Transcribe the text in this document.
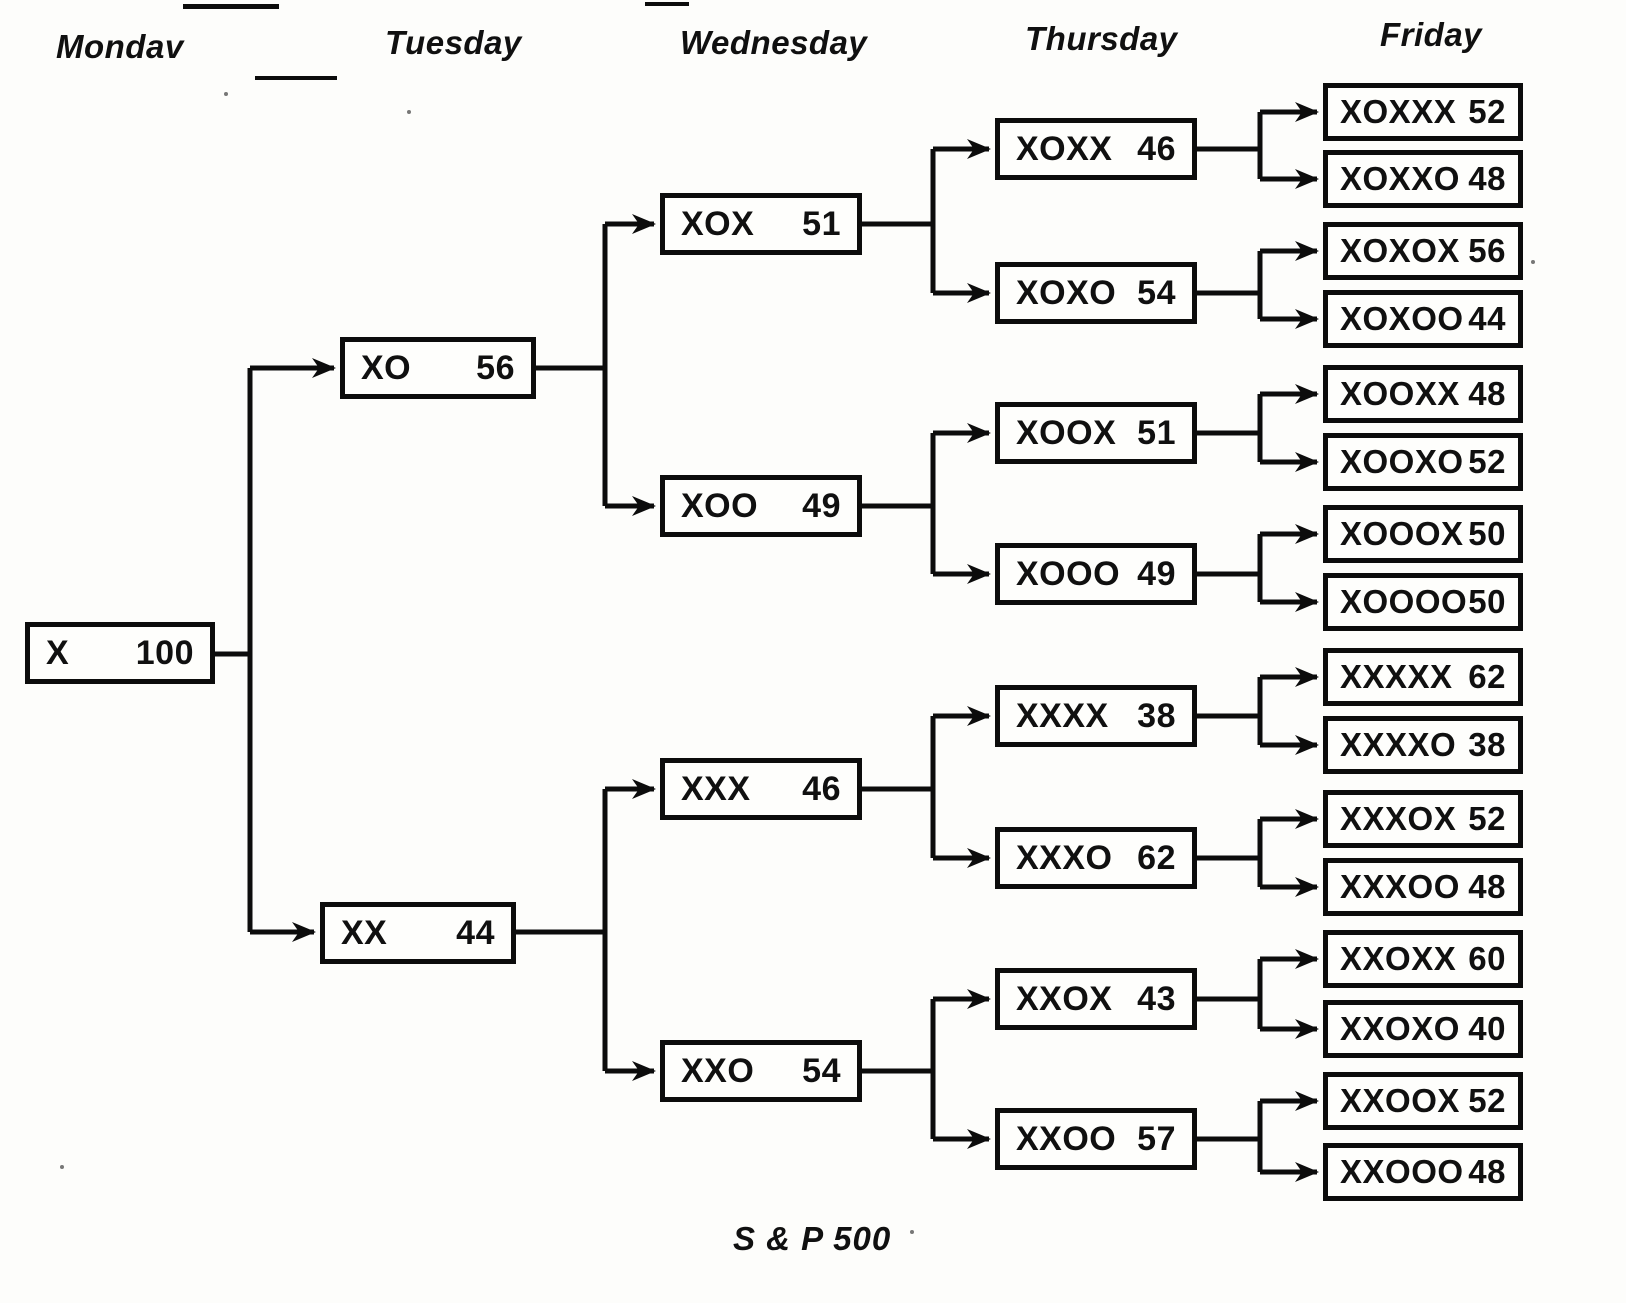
Mondav	Tuesday	Wednesday	Thursday	Friday
X 100
XO 56
XX 44
XOX 51
XOO 49
XXX 46
XXO 54
XOXX 46
XOXO 54
XOOX 51
XOOO 49
XXXX 38
XXXO 62
XXOX 43
XXOO 57
XOXXX 52
XOXXO 48
XOXOX 56
XOXOO 44
XOOXX 48
XOOXO 52
XOOOX 50
XOOOO 50
XXXXX 62
XXXXO 38
XXXOX 52
XXXOO 48
XXOXX 60
XXOXO 40
XXOOX 52
XXOOO 48
S & P 500
